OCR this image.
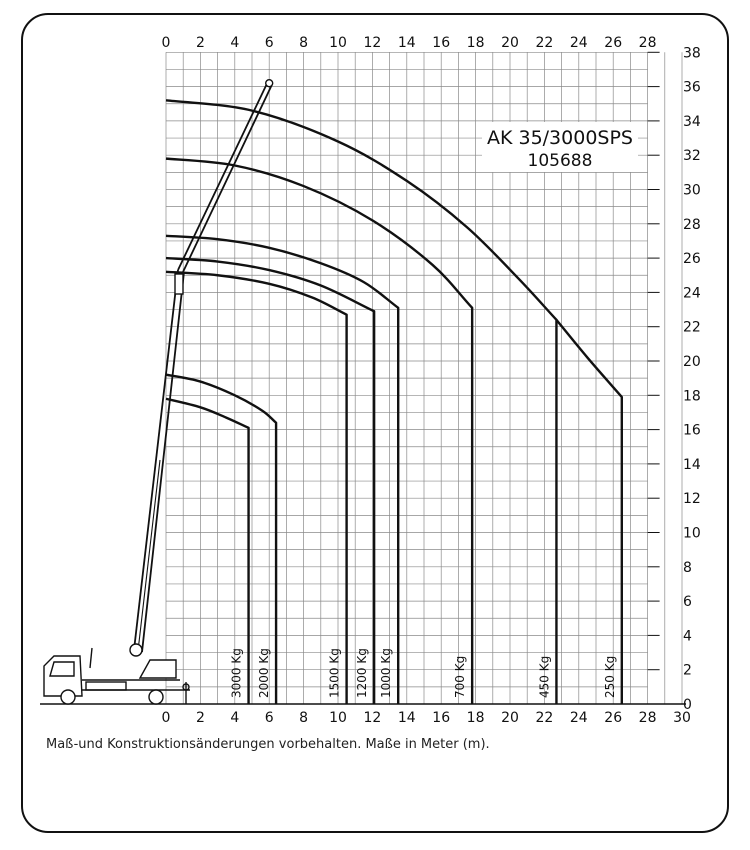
3000 Kg 2000 Kg	1500 Kg 1200 Kg 1000 Kg	700 Kg	450 Kg	250 Kg
0 2 4 6 8 10 12 14 16 18 20 22 24 26 28
0 2 4 6 8 10 12 14 16 18 20 22 24 26 28 30
0
2
4
6
8
10
12
14
16
18
20
22
24
26
28
30
32
34
36
38
AK 35/3000SPS
105688
Maß-und Konstruktionsänderungen vorbehalten. Maße in Meter (m).
